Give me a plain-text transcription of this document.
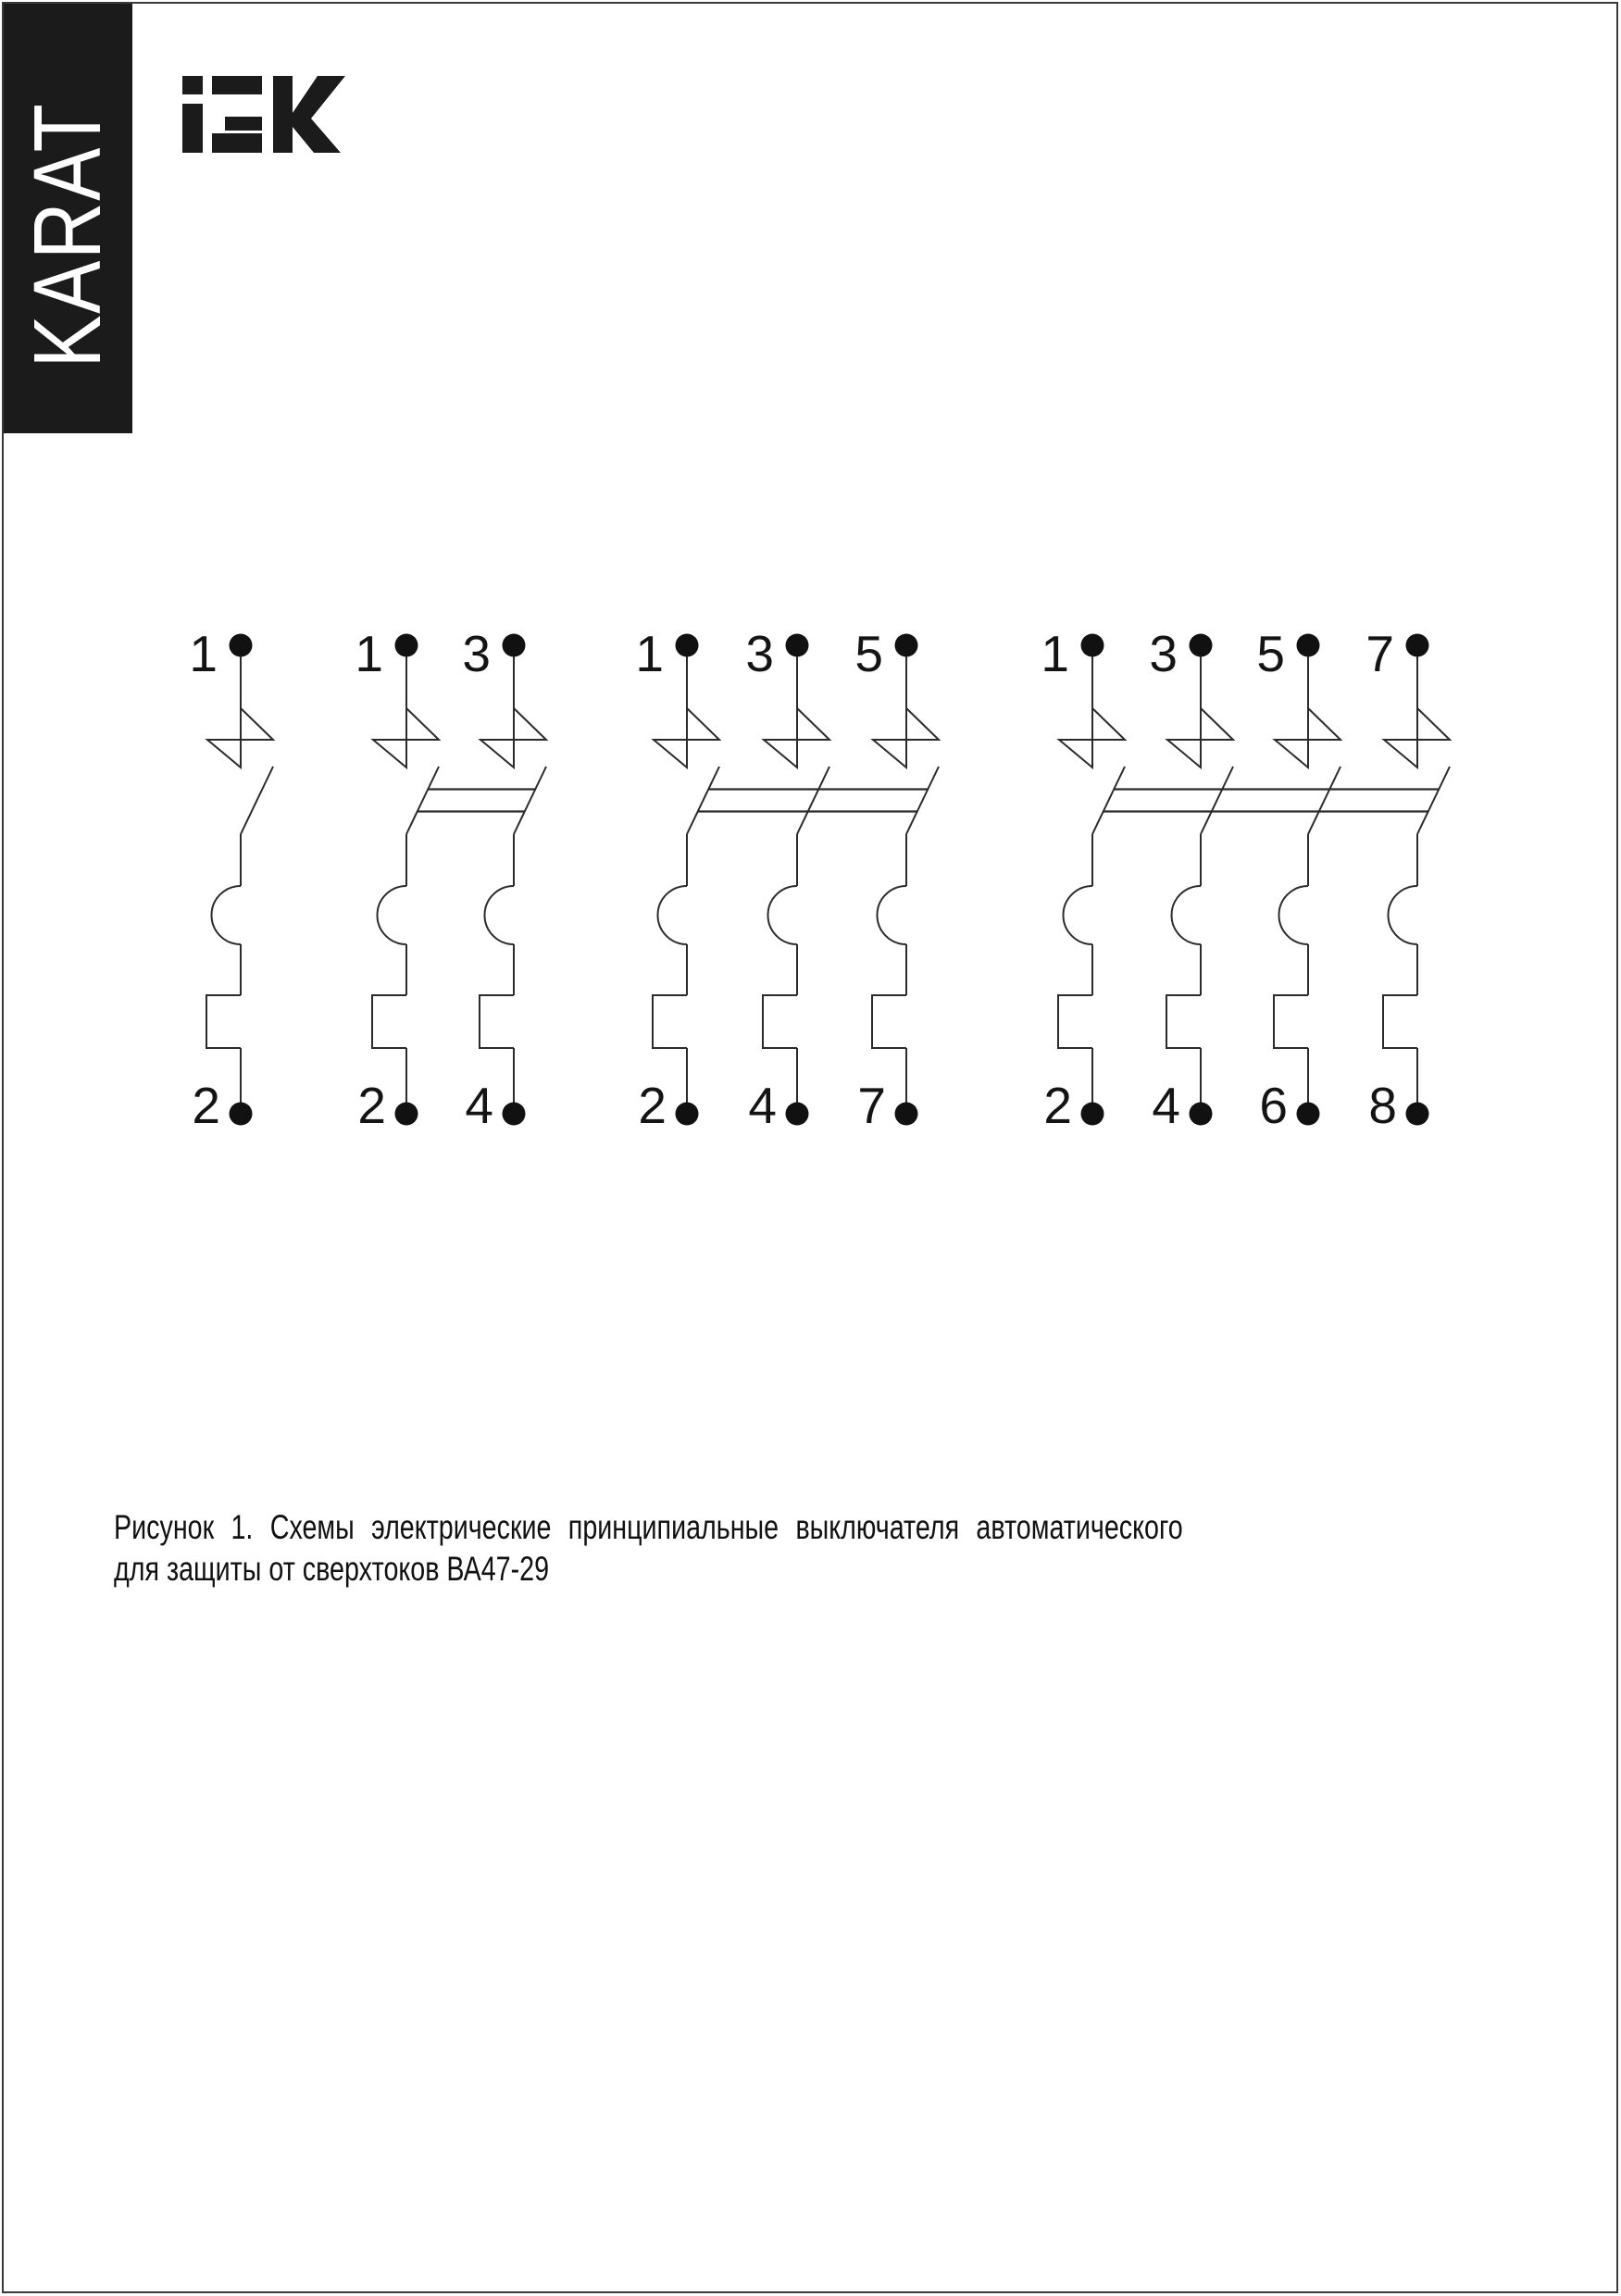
KARAT
1
2
1 3
2 4
1 3 5
2 4 7
1 3 5 7
2 4 6 8
Рисунок 1. Схемы электрические принципиальные выключателя автоматического
для защиты от сверхтоков ВА47-29
